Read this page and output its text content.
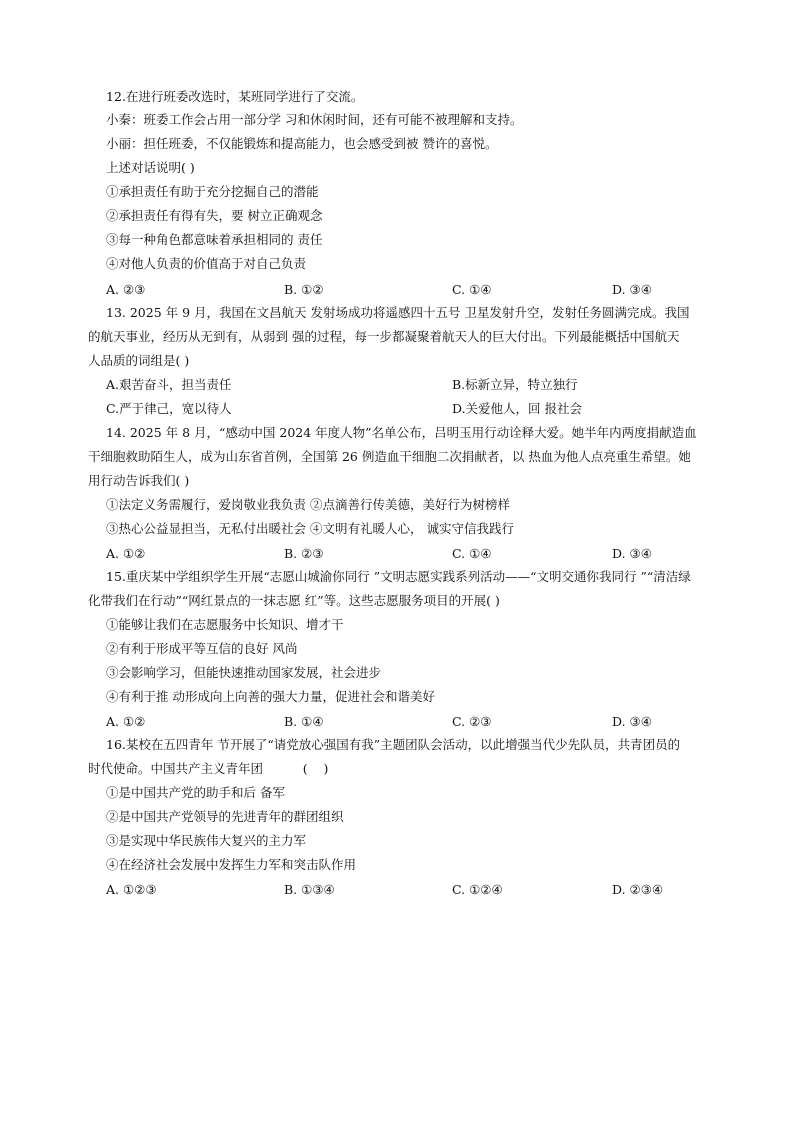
12.在进行班委改选时，某班同学进行了交流。
小秦：班委工作会占用一部分学 习和休闲时间，还有可能不被理解和支持。
小丽：担任班委，不仅能锻炼和提高能力，也会感受到被 赞许的喜悦。
上述对话说明( )
①承担责任有助于充分挖掘自己的潜能
②承担责任有得有失，要 树立正确观念
③每一种角色都意味着承担相同的 责任
④对他人负责的价值高于对自己负责
A. ②③	B. ①②	C. ①④	D. ③④
13. 2025 年 9 月，我国在文昌航天 发射场成功将遥感四十五号 卫星发射升空，发射任务圆满完成。我国
的航天事业，经历从无到有，从弱到 强的过程，每一步都凝聚着航天人的巨大付出。下列最能概括中国航天
人品质的词组是( )
A.艰苦奋斗，担当责任	B.标新立异，特立独行
C.严于律己，宽以待人	D.关爱他人，回 报社会
14. 2025 年 8 月，“感动中国 2024 年度人物”名单公布，吕明玉用行动诠释大爱。她半年内两度捐献造血
干细胞救助陌生人，成为山东省首例，全国第 26 例造血干细胞二次捐献者，以 热血为他人点亮重生希望。她
用行动告诉我们( )
①法定义务需履行，爱岗敬业我负责 ②点滴善行传美德，美好行为树榜样
③热心公益显担当，无私付出暖社会 ④文明有礼暖人心， 诚实守信我践行
A. ①②	B. ②③	C. ①④	D. ③④
15.重庆某中学组织学生开展“志愿山城渝你同行 ”文明志愿实践系列活动——“文明交通你我同行 ”“清洁绿
化带我们在行动”“网红景点的一抹志愿 红”等。这些志愿服务项目的开展( )
①能够让我们在志愿服务中长知识、增才干
②有利于形成平等互信的良好 风尚
③会影响学习，但能快速推动国家发展，社会进步
④有利于推 动形成向上向善的强大力量，促进社会和谐美好
A. ①②	B. ①④	C. ②③	D. ③④
16.某校在五四青年 节开展了“请党放心强国有我”主题团队会活动，以此增强当代少先队员，共青团员的
时代使命。中国共产主义青年团          (    )
①是中国共产党的助手和后 备军
②是中国共产党领导的先进青年的群团组织
③是实现中华民族伟大复兴的主力军
④在经济社会发展中发挥生力军和突击队作用
A. ①②③	B. ①③④	C. ①②④	D. ②③④
